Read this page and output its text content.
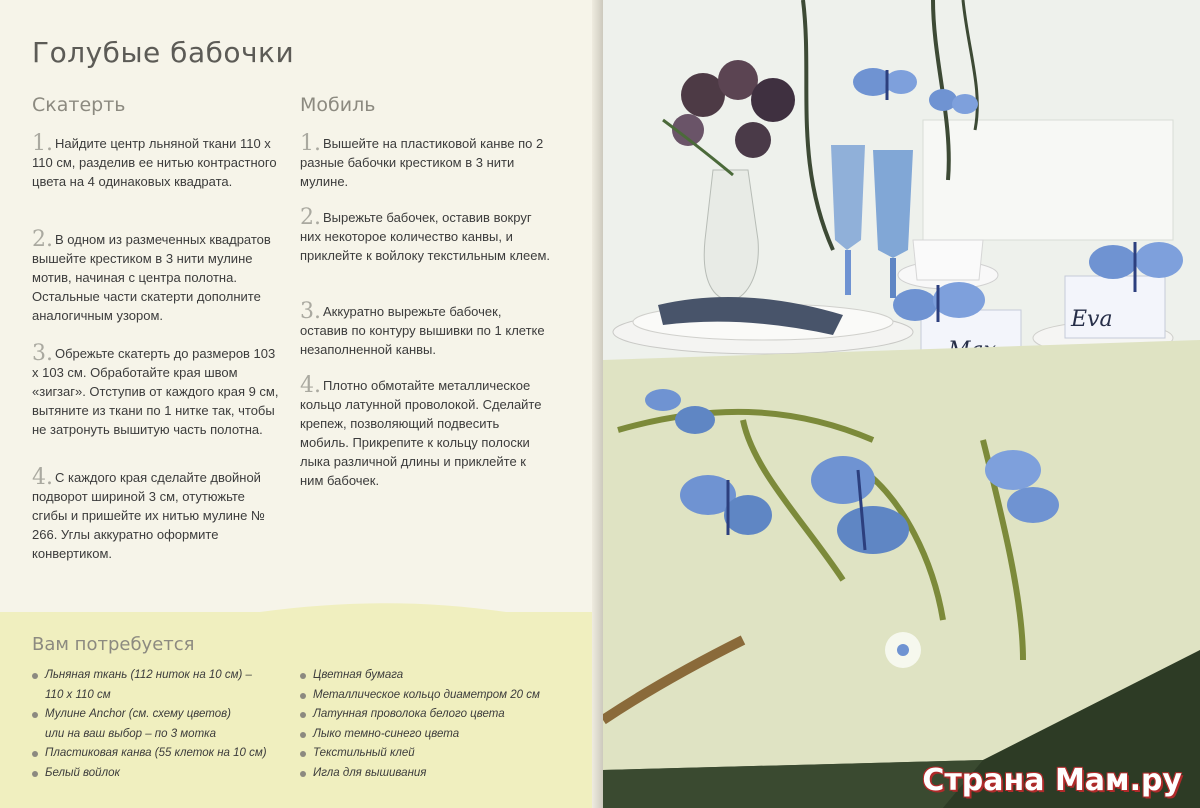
Голубые бабочки
Скатерть	Мобиль
1. Найдите центр льняной ткани 110 х 110 см, разделив ее нитью контрастного цвета на 4 одинаковых квадрата.
2. В одном из размеченных квадратов вышейте крестиком в 3 нити мулине мотив, начиная с центра полотна. Остальные части скатерти дополните аналогичным узором.
3. Обрежьте скатерть до размеров 103 х 103 см. Обработайте края швом «зигзаг». Отступив от каждого края 9 см, вытяните из ткани по 1 нитке так, чтобы не затронуть вышитую часть полотна.
4. С каждого края сделайте двойной подворот шириной 3 см, отутюжьте сгибы и пришейте их нитью мулине № 266. Углы аккуратно оформите конвертиком.
1. Вышейте на пластиковой канве по 2 разные бабочки крестиком в 3 нити мулине.
2. Вырежьте бабочек, оставив вокруг них некоторое количество канвы, и приклейте к войлоку текстильным клеем.
3. Аккуратно вырежьте бабочек, оставив по контуру вышивки по 1 клетке незаполненной канвы.
4. Плотно обмотайте металлическое кольцо латунной проволокой. Сделайте крепеж, позволяющий подвесить мобиль. Прикрепите к кольцу полоски лыка различной длины и приклейте к ним бабочек.
Вам потребуется
Льняная ткань (112 ниток на 10 см) –
110 х 110 см
Мулине Anchor (см. схему цветов)
или на ваш выбор – по 3 мотка
Пластиковая канва (55 клеток на 10 см)
Белый войлок
Цветная бумага
Металлическое кольцо диаметром 20 см
Латунная проволока белого цвета
Лыко темно-синего цвета
Текстильный клей
Игла для вышивания
Eva
Страна Мам.ру
